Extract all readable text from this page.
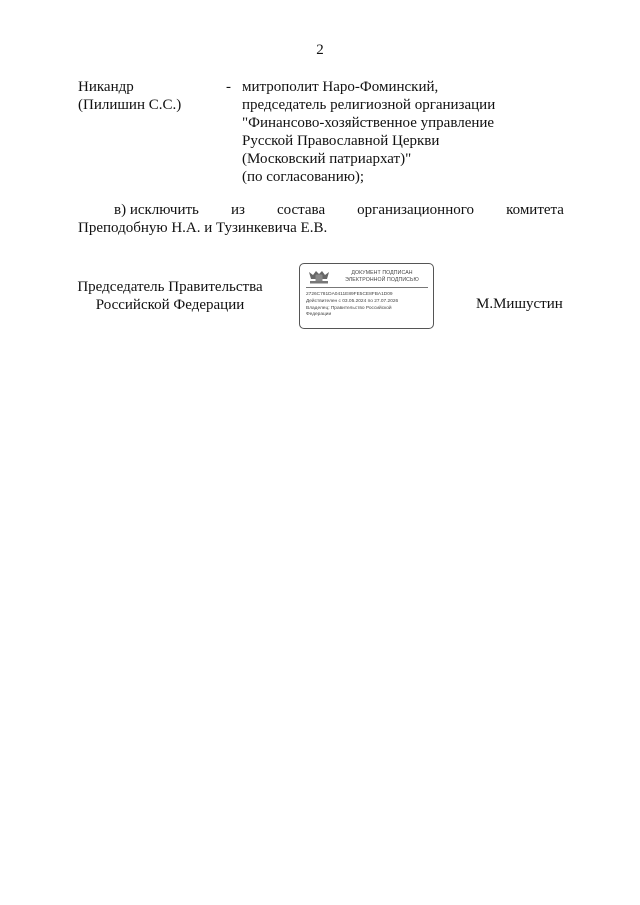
2
Никандр
(Пилишин С.С.)
- митрополит Наро-Фоминский,
председатель религиозной организации
"Финансово-хозяйственное управление
Русской Православной Церкви
(Московский патриархат)"
(по согласованию);
в) исключить из состава организационного комитета
Преподобную Н.А. и Тузинкевича Е.В.
Председатель Правительства
Российской Федерации
ДОКУМЕНТ ПОДПИСАН
ЭЛЕКТРОННОЙ ПОДПИСЬЮ
2726C781DA0411E89FE5CE8FBA1D09
Действителен с 03.05.2024 по 27.07.2026
Владелец: Правительство Российской
Федерации
М.Мишустин
